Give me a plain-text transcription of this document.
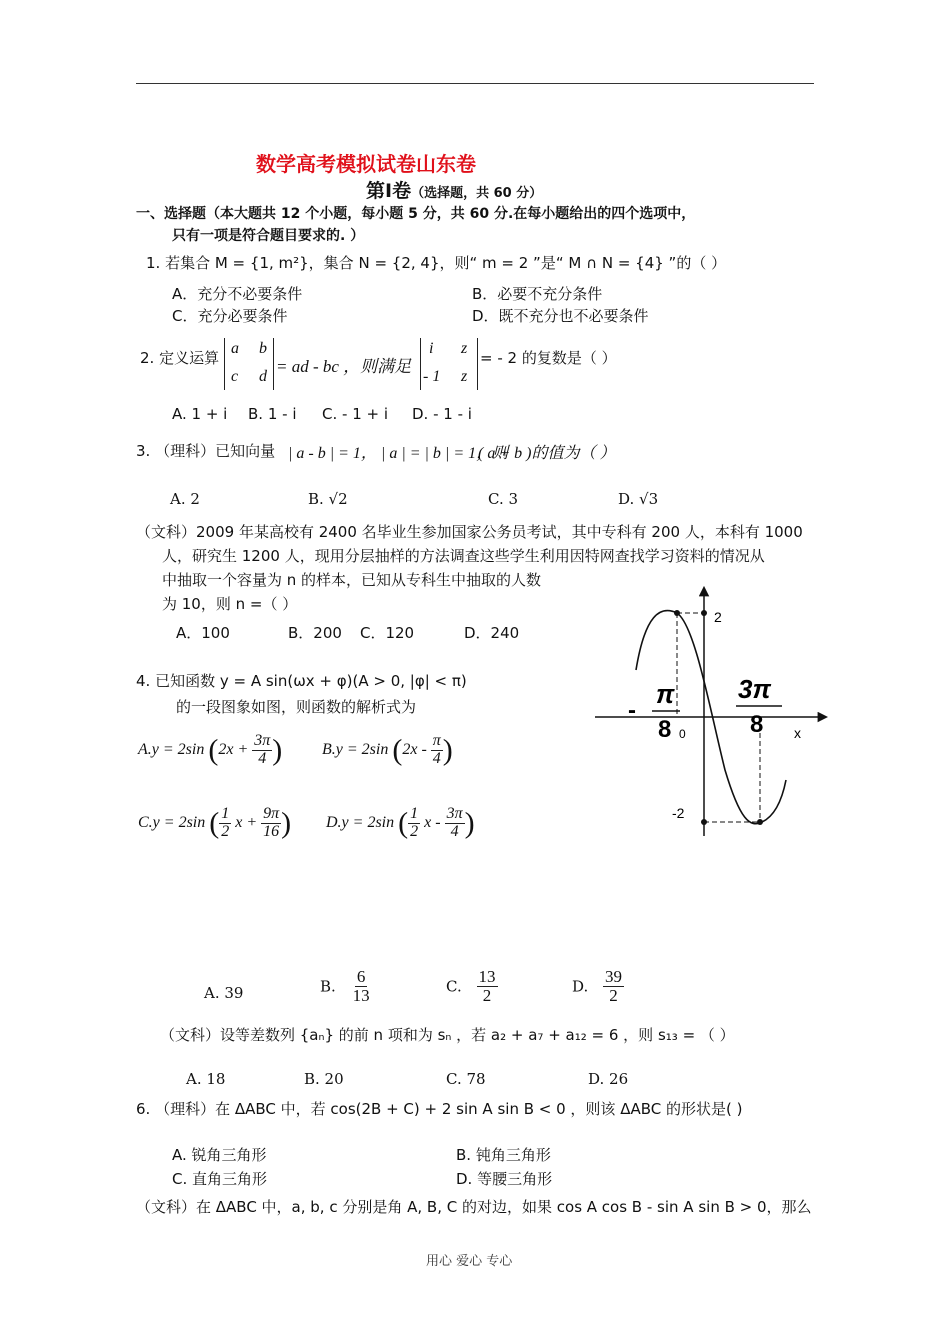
数学高考模拟试卷山东卷
第Ⅰ卷（选择题，共 60 分）
一、选择题（本大题共 12 个小题，每小题 5 分，共 60 分.在每小题给出的四个选项中，
只有一项是符合题目要求的. ）
1. 若集合 M = {1, m²}，集合 N = {2, 4}，则“ m = 2 ”是“ M ∩ N = {4} ”的（ ）
A．充分不必要条件	B．必要不充分条件
C．充分必要条件	D．既不充分也不必要条件
2. 定义运算
a b
c d
= ad - bc ，则满足
i z
- 1 z
= - 2 的复数是（ ）
A. 1 + i B. 1 - i C. - 1 + i D. - 1 - i
3. （理科）已知向量 | a - b | = 1， | a | = | b | = 1，则
( a + b )的值为（ ）
A. 2	B. √2	C. 3	D. √3
（文科）2009 年某高校有 2400 名毕业生参加国家公务员考试，其中专科有 200 人，本科有 1000
人，研究生 1200 人，现用分层抽样的方法调查这些学生利用因特网查找学习资料的情况从
中抽取一个容量为 n 的样本，已知从专科生中抽取的人数
为 10，则 n =（ ）
A．100	B．200 C．120	D．240
4. 已知函数 y = A sin(ωx + φ)(A > 0, |φ| < π)
的一段图象如图，则函数的解析式为
A.y = 2sin ($2x + \frac{3\pi}{4}$ ) B.y = 2sin ($2x - \frac{\pi}{4}$ )
C.y = 2sin ( $\frac{1}{2}$ $x + \frac{9\pi}{16}$ ) D.y = 2sin ( $\frac{1}{2}$ x - $\frac{3\pi}{4}$ )
2
-2
x
0
-
π
8
3π
8
A. 39	B. $\frac{6}{13}$	C. $\frac{13}{2}$	D. $\frac{39}{2}$
（文科）设等差数列 {aₙ} 的前 n 项和为 sₙ ，若 a₂ + a₇ + a₁₂ = 6 ，则 s₁₃ = （ ）
A. 18	B. 20	C. 78	D. 26
6. （理科）在 ΔABC 中，若 cos(2B + C) + 2 sin A sin B < 0 ，则该 ΔABC 的形状是( )
A. 锐角三角形	B. 钝角三角形
C. 直角三角形	D. 等腰三角形
（文科）在 ΔABC 中，a, b, c 分别是角 A, B, C 的对边，如果 cos A cos B - sin A sin B > 0，那么
用心 爱心 专心
